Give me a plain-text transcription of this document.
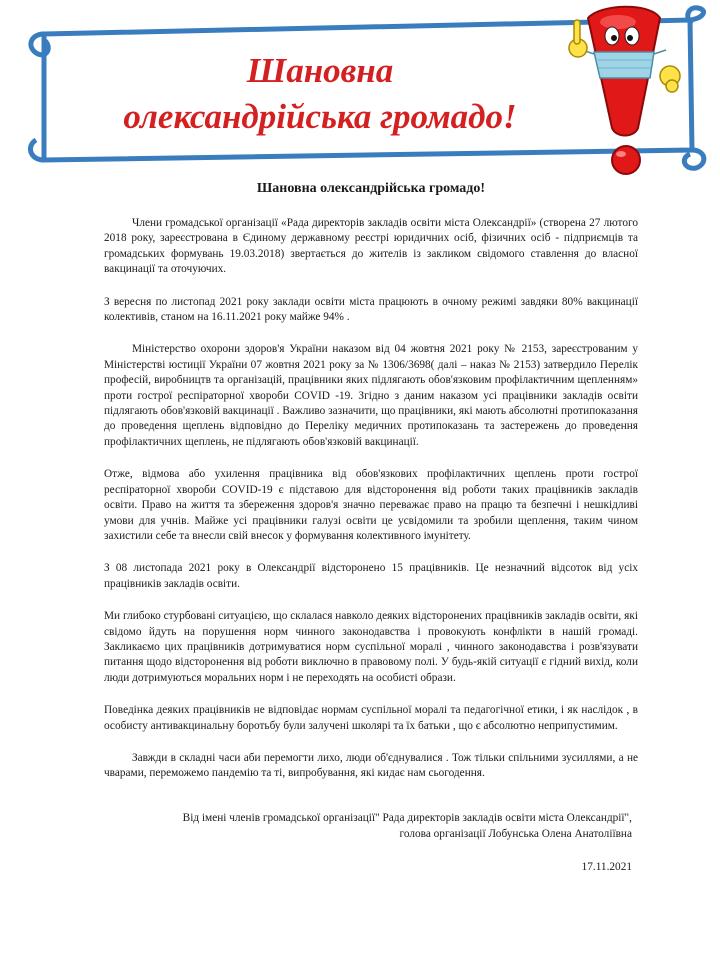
Шановна
олександрійська громадо!
Шановна олександрійська громадо!

Члени громадської організації «Рада директорів закладів освіти міста Олександрії» (створена 27 лютого 2018 року, зареєстрована в Єдиному державному реєстрі юридичних осіб, фізичних осіб - підприємців та громадських формувань 19.03.2018) звертається до жителів із закликом свідомого ставлення до власної вакцинації та оточуючих.

З вересня по листопад 2021 року заклади освіти міста працюють в очному режимі завдяки 80% вакцинації колективів, станом на 16.11.2021 року майже 94% .

Міністерство охорони здоров'я України наказом від 04 жовтня 2021 року № 2153, зареєстрованим у Міністерстві юстиції України 07 жовтня 2021 року за № 1306/3698( далі – наказ № 2153) затвердило Перелік професій, виробництв та організацій, працівники яких підлягають обов'язковим профілактичним щепленням» проти гострої респіраторної хвороби COVID -19. Згідно з даним наказом усі працівники закладів освіти підлягають обов'язковій вакцинації . Важливо зазначити, що працівники, які мають абсолютні протипоказання до проведення щеплень відповідно до Переліку медичних протипоказань та застережень до проведення профілактичних щеплень, не підлягають обов'язковій вакцинації.

Отже, відмова або ухилення працівника від обов'язкових профілактичних щеплень проти гострої респіраторної хвороби COVID-19 є підставою для відсторонення від роботи таких працівників закладів освіти. Право на життя та збереження здоров'я значно переважає право на працю та безпечні і нешкідливі умови для учнів. Майже усі працівники галузі освіти це усвідомили та зробили щеплення, таким чином захистили себе та внесли свій внесок у формування колективного імунітету.

З 08 листопада 2021 року в Олександрії відсторонено 15 працівників. Це незначний відсоток від усіх працівників закладів освіти.

Ми глибоко стурбовані ситуацією, що склалася навколо деяких відсторонених працівників закладів освіти, які свідомо йдуть на порушення норм чинного законодавства і провокують конфлікти в нашій громаді. Закликаємо цих працівників дотримуватися норм суспільної моралі , чинного законодавства і розв'язувати питання щодо відсторонення від роботи виключно в правовому полі. У будь-якій ситуації є гідний вихід, коли люди дотримуються моральних норм і не переходять на особисті образи.

Поведінка деяких працівників не відповідає нормам суспільної моралі та педагогічної етики, і як наслідок , в особисту антивакцинальну боротьбу були залучені школярі та їх батьки , що є абсолютно неприпустимим.

Завжди в складні часи аби перемогти лихо, люди об'єднувалися . Тож тільки спільними зусиллями, а не чварами, переможемо пандемію та ті, випробування, які кидає нам сьогодення.

Від імені членів громадської організації" Рада директорів закладів освіти міста Олександрії",
голова організації Лобунська Олена Анатоліївна
17.11.2021
